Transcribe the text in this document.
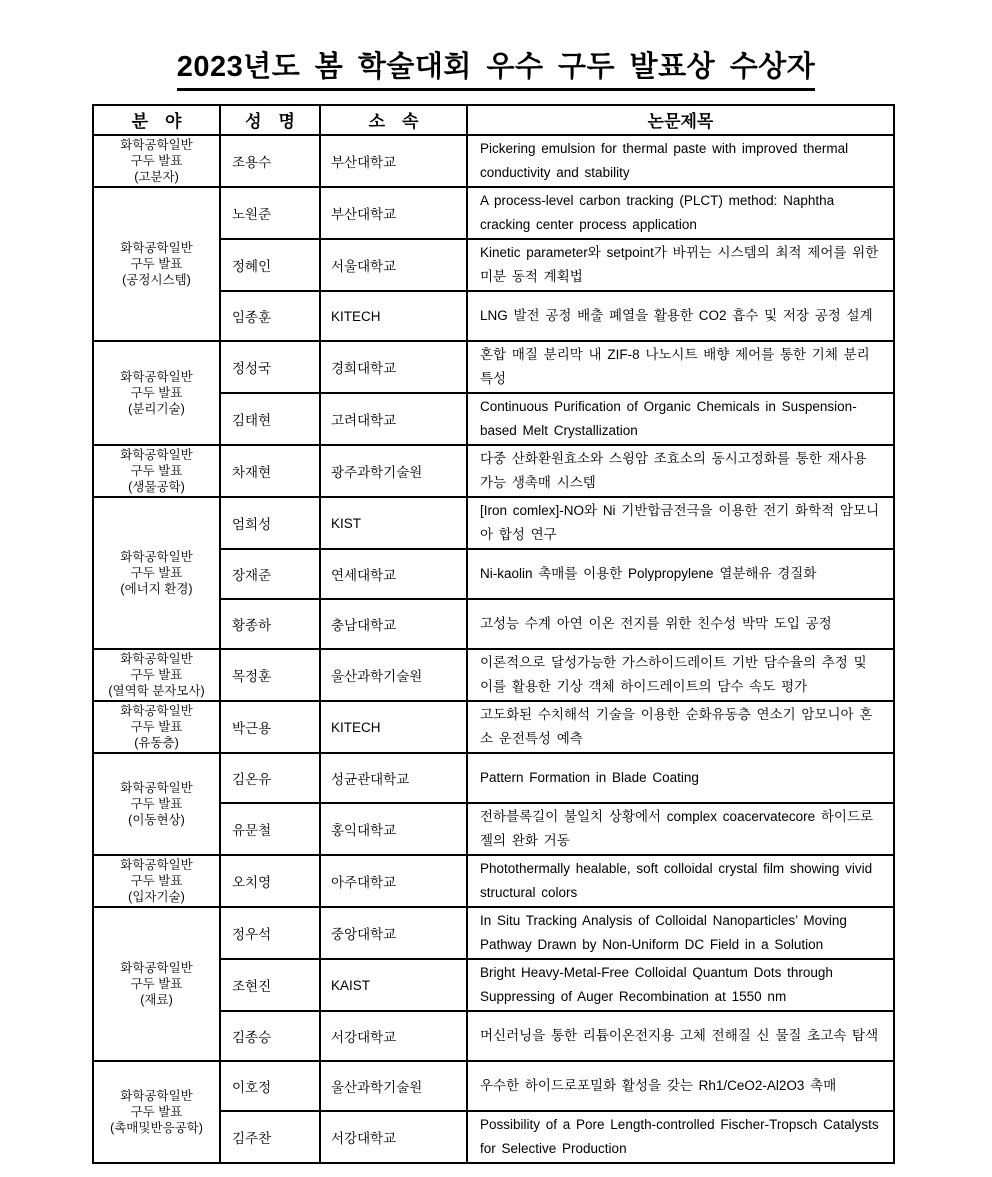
2023년도 봄 학술대회 우수 구두 발표상 수상자
분　야	성　명	소　속	논문제목

화학공학일반
구두 발표
(고분자)	조용수	부산대학교	Pickering emulsion for thermal paste with improved thermal conductivity and stability

화학공학일반
구두 발표
(공정시스템)	노원준	부산대학교	A process-level carbon tracking (PLCT) method: Naphtha cracking center process application
	정혜인	서울대학교	Kinetic parameter와 setpoint가 바뀌는 시스템의 최적 제어를 위한 미분 동적 계획법
	임종훈	KITECH	LNG 발전 공정 배출 폐열을 활용한 CO2 흡수 및 저장 공정 설계

화학공학일반
구두 발표
(분리기술)	정성국	경희대학교	혼합 매질 분리막 내 ZIF-8 나노시트 배향 제어를 통한 기체 분리 특성
	김태현	고려대학교	Continuous Purification of Organic Chemicals in Suspension-based Melt Crystallization

화학공학일반
구두 발표
(생물공학)	차재현	광주과학기술원	다중 산화환원효소와 스윙암 조효소의 동시고정화를 통한 재사용 가능 생촉매 시스템

화학공학일반
구두 발표
(에너지 환경)	엄희성	KIST	[Iron comlex]-NO와 Ni 기반합금전극을 이용한 전기 화학적 암모니아 합성 연구
	장재준	연세대학교	Ni-kaolin 촉매를 이용한 Polypropylene 열분해유 경질화
	황종하	충남대학교	고성능 수계 아연 이온 전지를 위한 친수성 박막 도입 공정

화학공학일반
구두 발표
(열역학 분자모사)	목정훈	울산과학기술원	이론적으로 달성가능한 가스하이드레이트 기반 담수율의 추정 및 이를 활용한 기상 객체 하이드레이트의 담수 속도 평가

화학공학일반
구두 발표
(유동층)	박근용	KITECH	고도화된 수치해석 기술을 이용한 순화유동층 연소기 암모니아 혼소 운전특성 예측

화학공학일반
구두 발표
(이동현상)	김온유	성균관대학교	Pattern Formation in Blade Coating
	유문철	홍익대학교	전하블록길이 불일치 상황에서 complex coacervatecore 하이드로젤의 완화 거동

화학공학일반
구두 발표
(입자기술)	오치영	아주대학교	Photothermally healable, soft colloidal crystal film showing vivid structural colors

화학공학일반
구두 발표
(재료)	정우석	중앙대학교	In Situ Tracking Analysis of Colloidal Nanoparticles’ Moving Pathway Drawn by Non-Uniform DC Field in a Solution
	조현진	KAIST	Bright Heavy-Metal-Free Colloidal Quantum Dots through Suppressing of Auger Recombination at 1550 nm
	김종승	서강대학교	머신러닝을 통한 리튬이온전지용 고체 전해질 신 물질 초고속 탐색

화학공학일반
구두 발표
(촉매및반응공학)	이호정	울산과학기술원	우수한 하이드로포밀화 활성을 갖는 Rh1/CeO2-Al2O3 촉매
	김주찬	서강대학교	Possibility of a Pore Length-controlled Fischer-Tropsch Catalysts for Selective Production
